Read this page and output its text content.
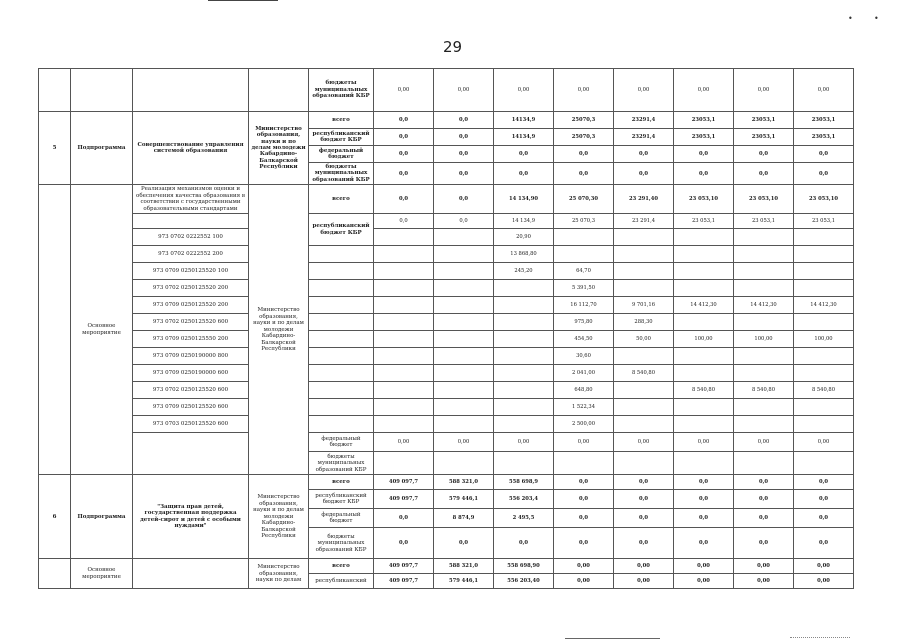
•	•
29
				бюджеты муниципальных образований КБР	0,00	0,00	0,00	0,00	0,00	0,00	0,00	0,00
5	Подпрограмма	Совершенствование управления системой образования	Министерство образования, науки и по делам молодежи Кабардино-Балкарской Республики	всего	0,0	0,0	14134,9	25070,3	23291,4	23053,1	23053,1	23053,1
				республиканский бюджет КБР	0,0	0,0	14134,9	25070,3	23291,4	23053,1	23053,1	23053,1
				федеральный бюджет	0,0	0,0	0,0	0,0	0,0	0,0	0,0	0,0
				бюджеты муниципальных образований КБР	0,0	0,0	0,0	0,0	0,0	0,0	0,0	0,0
	Основное мероприятие	Реализация механизмов оценки и обеспечения качества образования в соответствии с государственными образовательными стандартами	Министерство образования, науки и по делам молодежи Кабардино-Балкарской Республики	всего	0,0	0,0	14 134,90	25 070,30	23 291,40	23 053,10	23 053,10	23 053,10
				республиканский бюджет КБР	0,0	0,0	14 134,9	25 070,3	23 291,4	23 053,1	23 053,1	23 053,1
		973 0702 0222552 100					20,90					
		973 0702 0222552 200					13 868,80					
		973 0709 0250125520 100					245,20	64,70				
		973 0702 0250125520 200						5 391,50				
		973 0709 0250125520 200						16 112,70	9 701,16	14 412,30	14 412,30	14 412,30
		973 0702 0250125520 600						975,80	288,30			
		973 0709 0250125550 200						454,50	50,00	100,00	100,00	100,00
		973 0709 0250190000 800						30,60				
		973 0709 0250190000 600						2 041,00	8 540,80			
		973 0702 0250125520 600						648,80		8 540,80	8 540,80	8 540,80
		973 0709 0250125520 600						1 522,34				
		973 0703 0250125520 600						2 500,00				
				федеральный бюджет	0,00	0,00	0,00	0,00	0,00	0,00	0,00	0,00
				бюджеты муниципальных образований КБР								
6	Подпрограмма	"Защита прав детей, государственная поддержка детей-сирот и детей с особыми нуждами"	Министерство образования, науки и по делам молодежи Кабардино-Балкарской Республики	всего	409 097,7	588 321,0	558 698,9	0,0	0,0	0,0	0,0	0,0
				республиканский бюджет КБР	409 097,7	579 446,1	556 203,4	0,0	0,0	0,0	0,0	0,0
				федеральный бюджет	0,0	8 874,9	2 495,5	0,0	0,0	0,0	0,0	0,0
				бюджеты муниципальных образований КБР	0,0	0,0	0,0	0,0	0,0	0,0	0,0	0,0
	Основное мероприятие		Министерство образования, науки по делам	всего	409 097,7	588 321,0	558 698,90	0,00	0,00	0,00	0,00	0,00
				республиканский	409 097,7	579 446,1	556 203,40	0,00	0,00	0,00	0,00	0,00
